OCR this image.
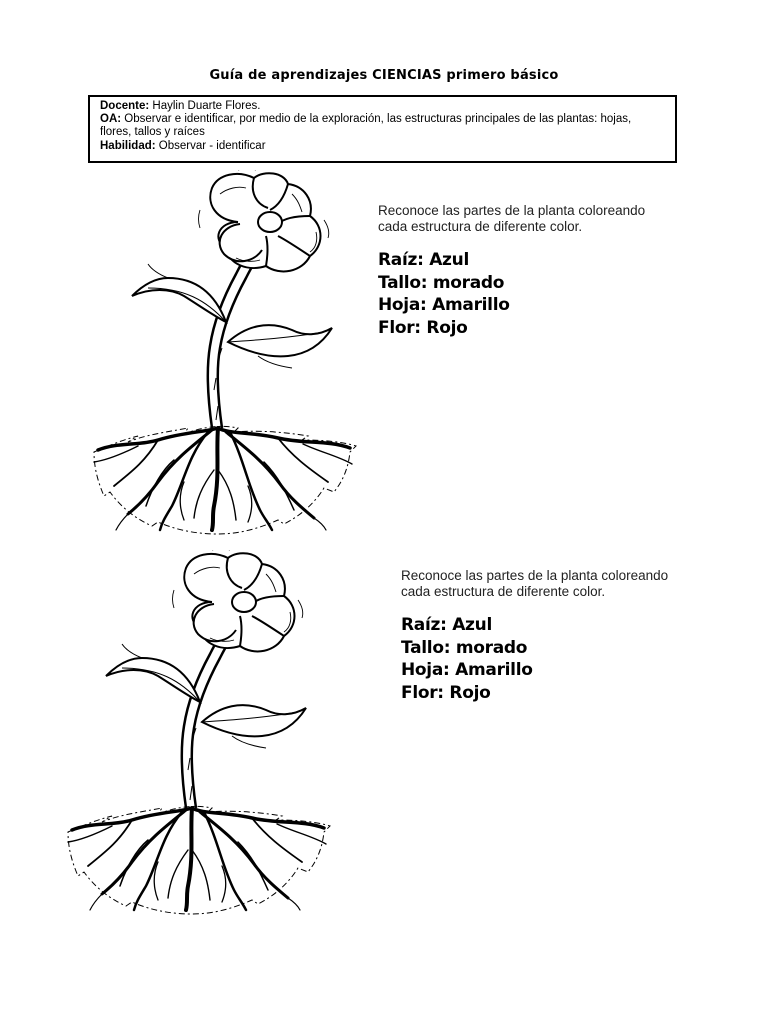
Guía de aprendizajes CIENCIAS primero básico
Docente: Haylin Duarte Flores.
OA: Observar e identificar, por medio de la exploración, las estructuras principales de las plantas: hojas, flores, tallos y raíces
Habilidad: Observar - identificar
Reconoce las partes de la planta coloreando cada estructura de diferente color.
Raíz: Azul
Tallo: morado
Hoja: Amarillo
Flor: Rojo
Reconoce las partes de la planta coloreando cada estructura de diferente color.
Raíz: Azul
Tallo: morado
Hoja: Amarillo
Flor: Rojo
